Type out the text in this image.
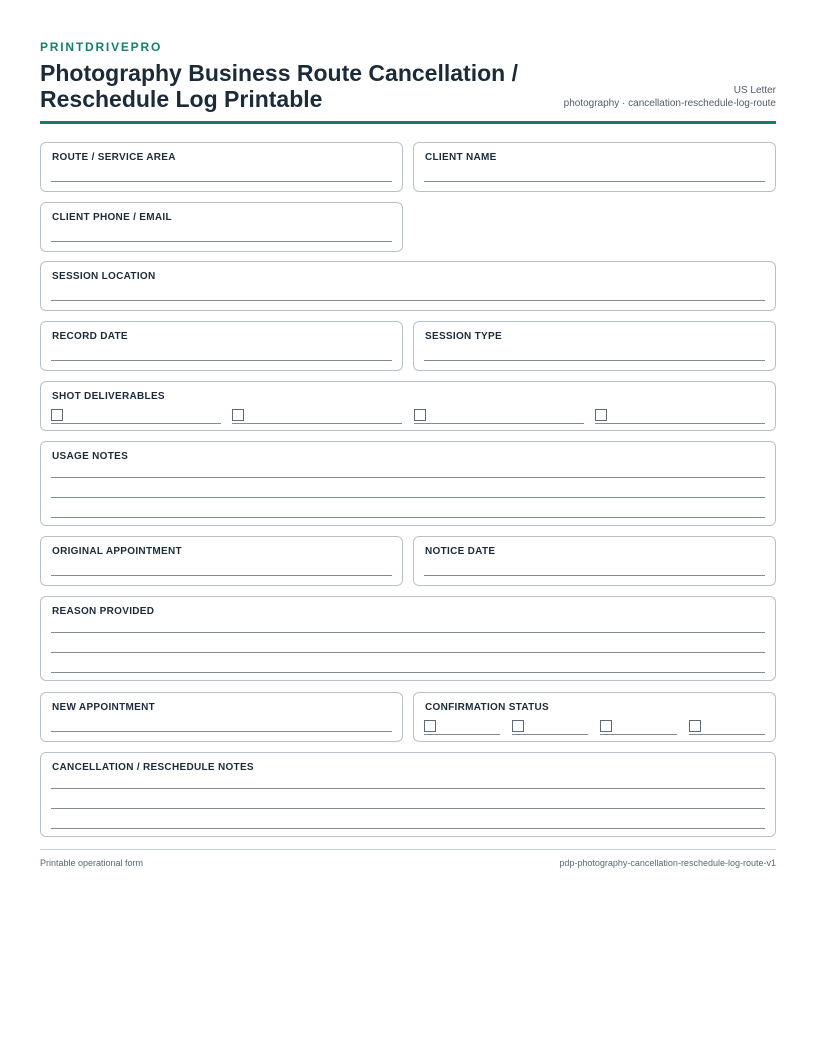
PRINTDRIVEPRO
Photography Business Route Cancellation / Reschedule Log Printable	US Letter
photography · cancellation-reschedule-log-route
ROUTE / SERVICE AREA	CLIENT NAME
CLIENT PHONE / EMAIL
SESSION LOCATION
RECORD DATE	SESSION TYPE
SHOT DELIVERABLES
USAGE NOTES
ORIGINAL APPOINTMENT	NOTICE DATE
REASON PROVIDED
NEW APPOINTMENT	CONFIRMATION STATUS
CANCELLATION / RESCHEDULE NOTES
Printable operational form	pdp-photography-cancellation-reschedule-log-route-v1
